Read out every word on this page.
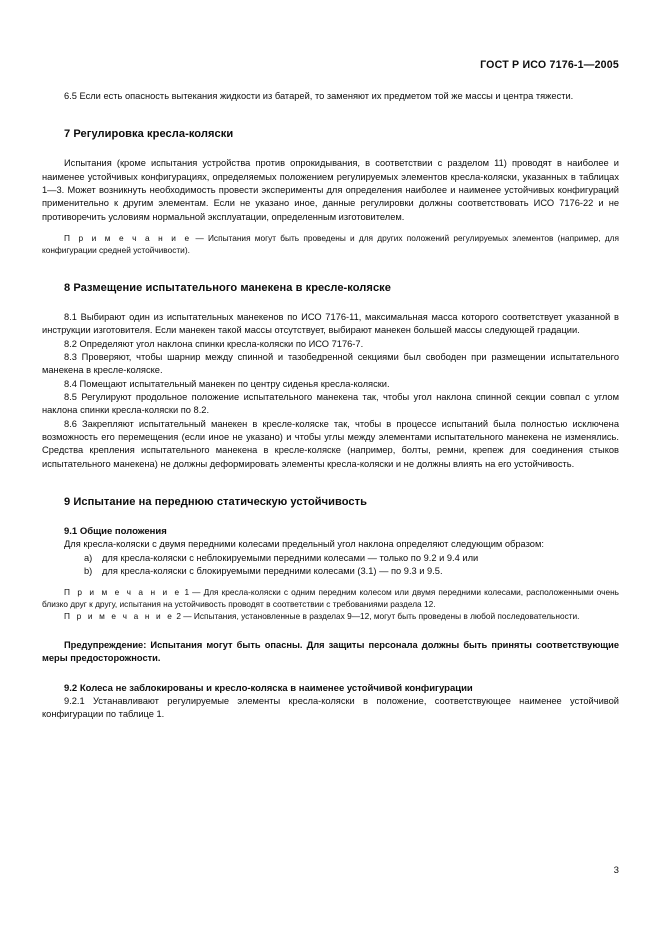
ГОСТ Р ИСО 7176-1—2005

6.5 Если есть опасность вытекания жидкости из батарей, то заменяют их предметом той же массы и центра тяжести.

7 Регулировка кресла-коляски

Испытания (кроме испытания устройства против опрокидывания, в соответствии с разделом 11) проводят в наиболее и наименее устойчивых конфигурациях, определяемых положением регулируемых элементов кресла-коляски, указанных в таблицах 1—3. Может возникнуть необходимость провести эксперименты для определения наиболее и наименее устойчивых конфигураций применительно к другим элементам. Если не указано иное, данные регулировки должны соответствовать ИСО 7176-22 и не противоречить условиям нормальной эксплуатации, определенным изготовителем.

П р и м е ч а н и е — Испытания могут быть проведены и для других положений регулируемых элементов (например, для конфигурации средней устойчивости).

8 Размещение испытательного манекена в кресле-коляске

8.1 Выбирают один из испытательных манекенов по ИСО 7176-11, максимальная масса которого соответствует указанной в инструкции изготовителя. Если манекен такой массы отсутствует, выбирают манекен большей массы следующей градации.

8.2 Определяют угол наклона спинки кресла-коляски по ИСО 7176-7.

8.3 Проверяют, чтобы шарнир между спинной и тазобедренной секциями был свободен при размещении испытательного манекена в кресле-коляске.

8.4 Помещают испытательный манекен по центру сиденья кресла-коляски.

8.5 Регулируют продольное положение испытательного манекена так, чтобы угол наклона спинной секции совпал с углом наклона спинки кресла-коляски по 8.2.

8.6 Закрепляют испытательный манекен в кресле-коляске так, чтобы в процессе испытаний была полностью исключена возможность его перемещения (если иное не указано) и чтобы углы между элементами испытательного манекена не изменялись. Средства крепления испытательного манекена в кресле-коляске (например, болты, ремни, крепеж для соединения стыков испытательного манекена) не должны деформировать элементы кресла-коляски и не должны влиять на его устойчивость.

9 Испытание на переднюю статическую устойчивость
9.1 Общие положения

Для кресла-коляски с двумя передними колесами предельный угол наклона определяют следующим образом:

a) для кресла-коляски с неблокируемыми передними колесами — только по 9.2 и 9.4 или

b) для кресла-коляски с блокируемыми передними колесами (3.1) — по 9.3 и 9.5.

П р и м е ч а н и е 1 — Для кресла-коляски с одним передним колесом или двумя передними колесами, расположенными очень близко друг к другу, испытания на устойчивость проводят в соответствии с требованиями раздела 12.

П р и м е ч а н и е 2 — Испытания, установленные в разделах 9—12, могут быть проведены в любой последовательности.

Предупреждение: Испытания могут быть опасны. Для защиты персонала должны быть приняты соответствующие меры предосторожности.

9.2 Колеса не заблокированы и кресло-коляска в наименее устойчивой конфигурации

9.2.1 Устанавливают регулируемые элементы кресла-коляски в положение, соответствующее наименее устойчивой конфигурации по таблице 1.

3
